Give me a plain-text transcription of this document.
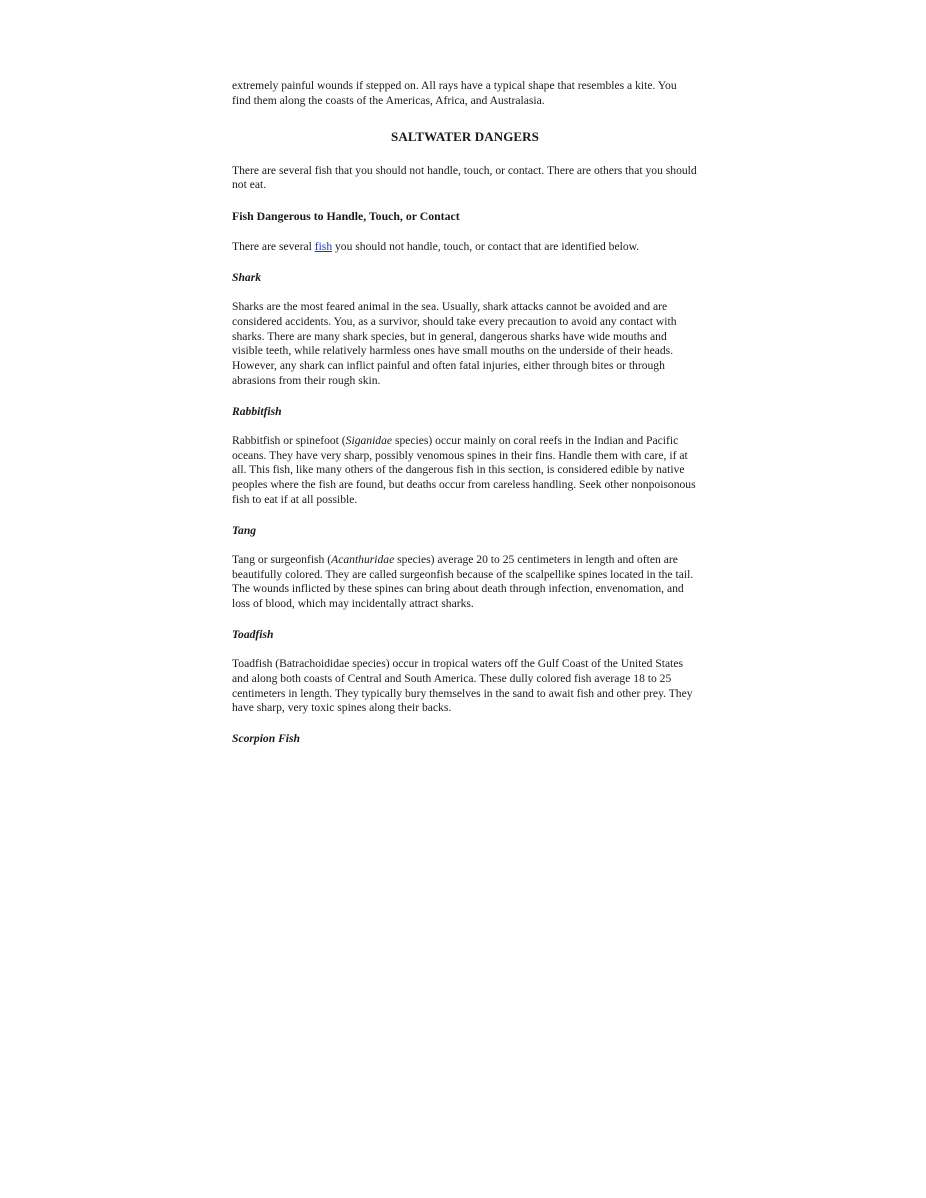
extremely painful wounds if stepped on. All rays have a typical shape that resembles a kite. You find them along the coasts of the Americas, Africa, and Australasia.

SALTWATER DANGERS

There are several fish that you should not handle, touch, or contact. There are others that you should not eat.

Fish Dangerous to Handle, Touch, or Contact

There are several fish you should not handle, touch, or contact that are identified below.

Shark

Sharks are the most feared animal in the sea. Usually, shark attacks cannot be avoided and are considered accidents. You, as a survivor, should take every precaution to avoid any contact with sharks. There are many shark species, but in general, dangerous sharks have wide mouths and visible teeth, while relatively harmless ones have small mouths on the underside of their heads. However, any shark can inflict painful and often fatal injuries, either through bites or through abrasions from their rough skin.

Rabbitfish

Rabbitfish or spinefoot (Siganidae species) occur mainly on coral reefs in the Indian and Pacific oceans. They have very sharp, possibly venomous spines in their fins. Handle them with care, if at all. This fish, like many others of the dangerous fish in this section, is considered edible by native peoples where the fish are found, but deaths occur from careless handling. Seek other nonpoisonous fish to eat if at all possible.

Tang

Tang or surgeonfish (Acanthuridae species) average 20 to 25 centimeters in length and often are beautifully colored. They are called surgeonfish because of the scalpellike spines located in the tail. The wounds inflicted by these spines can bring about death through infection, envenomation, and loss of blood, which may incidentally attract sharks.

Toadfish

Toadfish (Batrachoididae species) occur in tropical waters off the Gulf Coast of the United States and along both coasts of Central and South America. These dully colored fish average 18 to 25 centimeters in length. They typically bury themselves in the sand to await fish and other prey. They have sharp, very toxic spines along their backs.

Scorpion Fish
